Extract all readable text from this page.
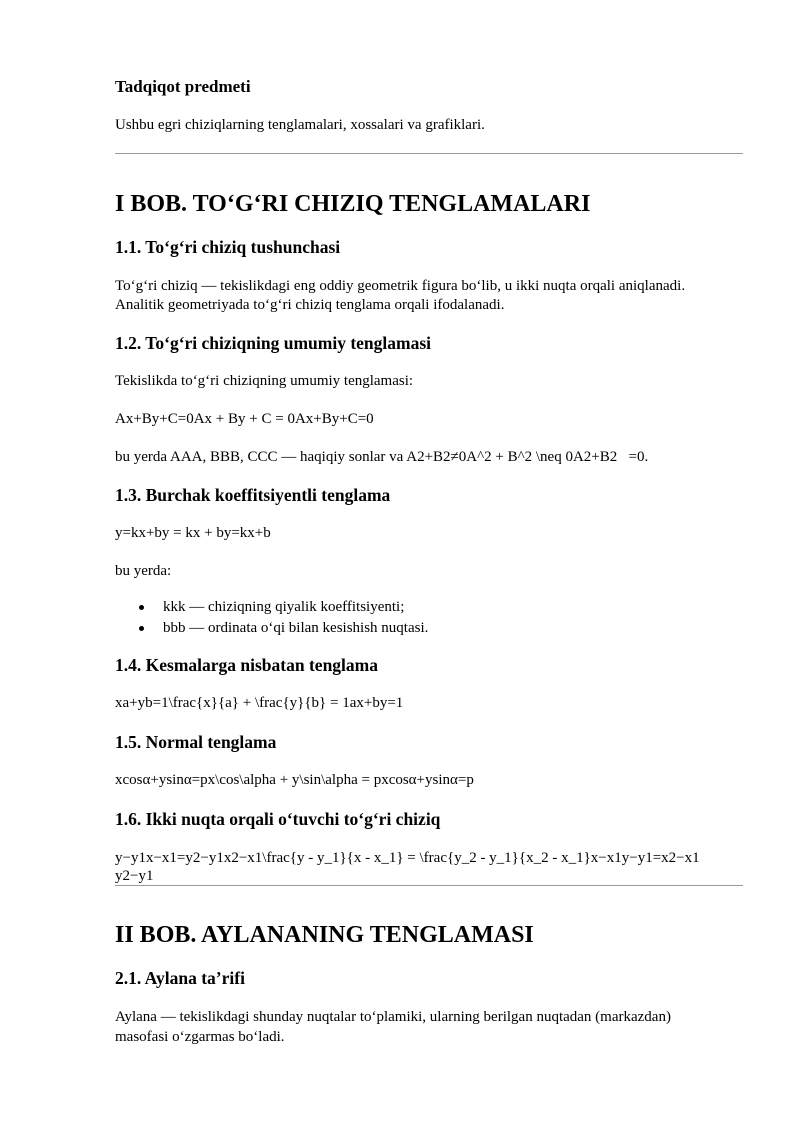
Tadqiqot predmeti

Ushbu egri chiziqlarning tenglamalari, xossalari va grafiklari.

I BOB. TO‘G‘RI CHIZIQ TENGLAMALARI
1.1. To‘g‘ri chiziq tushunchasi

To‘g‘ri chiziq — tekislikdagi eng oddiy geometrik figura bo‘lib, u ikki nuqta orqali aniqlanadi.

Analitik geometriyada to‘g‘ri chiziq tenglama orqali ifodalanadi.

1.2. To‘g‘ri chiziqning umumiy tenglamasi

Tekislikda to‘g‘ri chiziqning umumiy tenglamasi:

Ax+By+C=0Ax + By + C = 0Ax+By+C=0

bu yerda AAA, BBB, CCC — haqiqiy sonlar va A2+B2≠0A^2 + B^2 \neq 0A2+B2   =0.

1.3. Burchak koeffitsiyentli tenglama

y=kx+by = kx + by=kx+b

bu yerda:

kkk — chiziqning qiyalik koeffitsiyenti;
bbb — ordinata o‘qi bilan kesishish nuqtasi.
1.4. Kesmalarga nisbatan tenglama

xa+yb=1\frac{x}{a} + \frac{y}{b} = 1ax+by=1

1.5. Normal tenglama

xcosα+ysinα=px\cos\alpha + y\sin\alpha = pxcosα+ysinα=p

1.6. Ikki nuqta orqali o‘tuvchi to‘g‘ri chiziq

y−y1x−x1=y2−y1x2−x1\frac{y - y_1}{x - x_1} = \frac{y_2 - y_1}{x_2 - x_1}x−x1y−y1=x2−x1

y2−y1

II BOB. AYLANANING TENGLAMASI
2.1. Aylana ta’rifi

Aylana — tekislikdagi shunday nuqtalar to‘plamiki, ularning berilgan nuqtadan (markazdan)

masofasi o‘zgarmas bo‘ladi.
